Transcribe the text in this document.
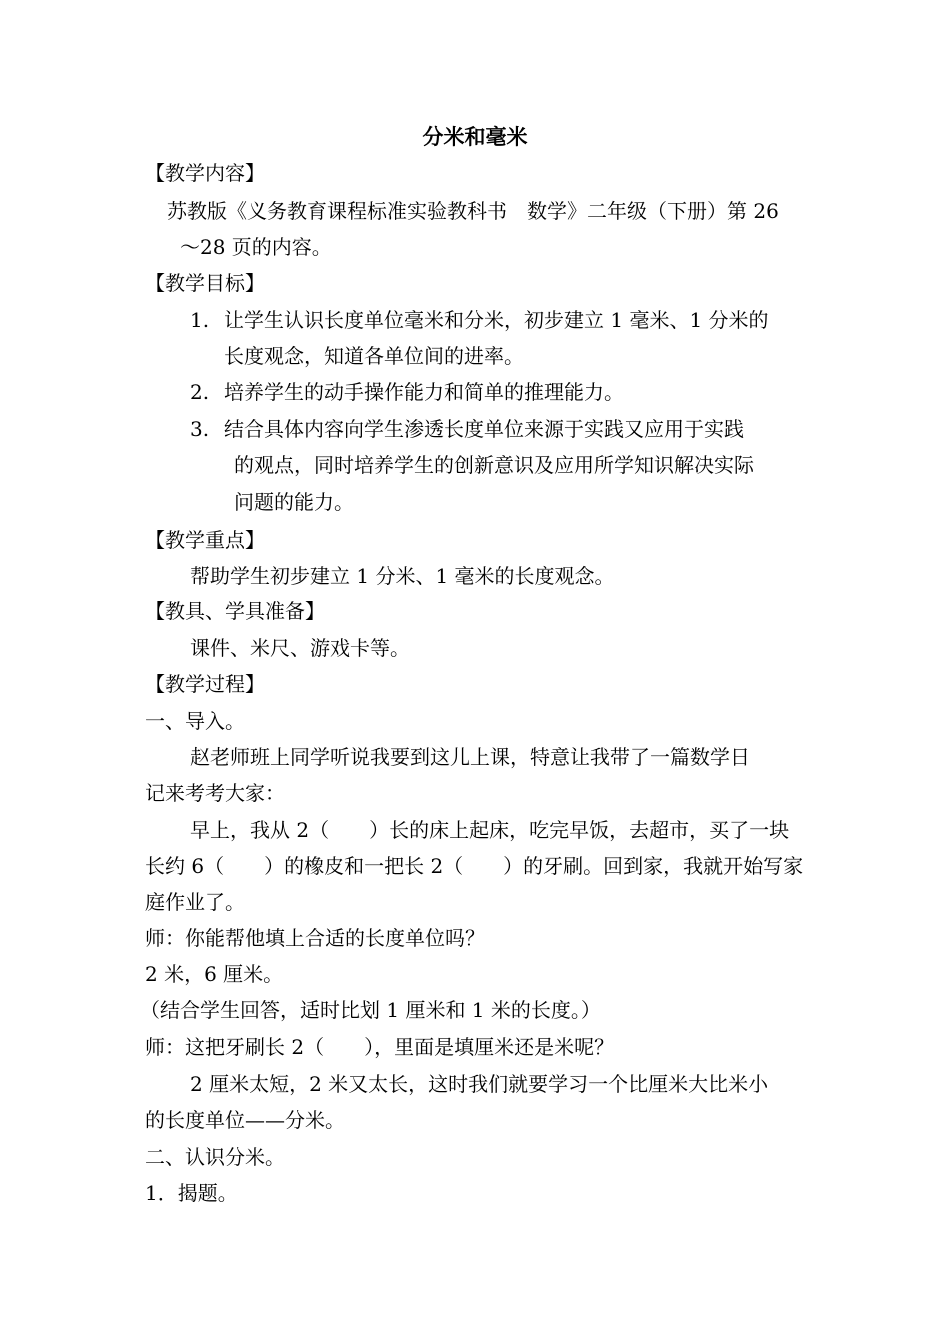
分米和毫米
【教学内容】
苏教版《义务教育课程标准实验教科书　数学》二年级（下册）第 26
～28 页的内容。
【教学目标】
1. 让学生认识长度单位毫米和分米，初步建立 1 毫米、1 分米的
长度观念，知道各单位间的进率。
2. 培养学生的动手操作能力和简单的推理能力。
3. 结合具体内容向学生渗透长度单位来源于实践又应用于实践
的观点，同时培养学生的创新意识及应用所学知识解决实际
问题的能力。
【教学重点】
帮助学生初步建立 1 分米、1 毫米的长度观念。
【教具、学具准备】
课件、米尺、游戏卡等。
【教学过程】
一、导入。
赵老师班上同学听说我要到这儿上课，特意让我带了一篇数学日
记来考考大家：
早上，我从 2（　　）长的床上起床，吃完早饭，去超市，买了一块
长约 6（　　）的橡皮和一把长 2（　　）的牙刷。回到家，我就开始写家
庭作业了。
师：你能帮他填上合适的长度单位吗？
2 米，6 厘米。
（结合学生回答，适时比划 1 厘米和 1 米的长度。）
师：这把牙刷长 2（　　），里面是填厘米还是米呢？
2 厘米太短，2 米又太长，这时我们就要学习一个比厘米大比米小
的长度单位——分米。
二、认识分米。
1．揭题。
